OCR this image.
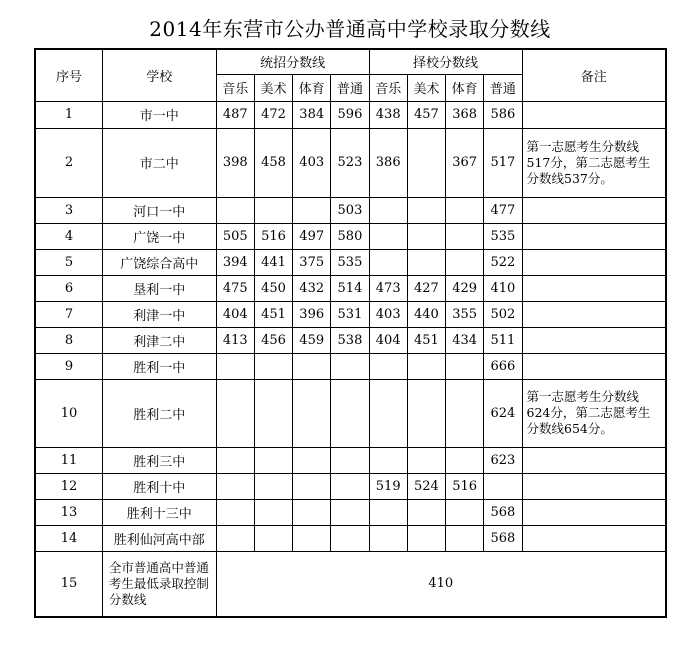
2014年东营市公办普通高中学校录取分数线
序号	学校	统招分数线				择校分数线				备注
		音乐	美术	体育	普通	音乐	美术	体育	普通	
1	市一中	487	472	384	596	438	457	368	586	
2	市二中	398	458	403	523	386		367	517	第一志愿考生分数线517分，第二志愿考生分数线537分。
3	河口一中				503				477	
4	广饶一中	505	516	497	580				535	
5	广饶综合高中	394	441	375	535				522	
6	垦利一中	475	450	432	514	473	427	429	410	
7	利津一中	404	451	396	531	403	440	355	502	
8	利津二中	413	456	459	538	404	451	434	511	
9	胜利一中								666	
10	胜利二中								624	第一志愿考生分数线624分，第二志愿考生分数线654分。
11	胜利三中								623	
12	胜利十中					519	524	516		
13	胜利十三中								568	
14	胜利仙河高中部								568	
15	全市普通高中普通考生最低录取控制分数线	410								
